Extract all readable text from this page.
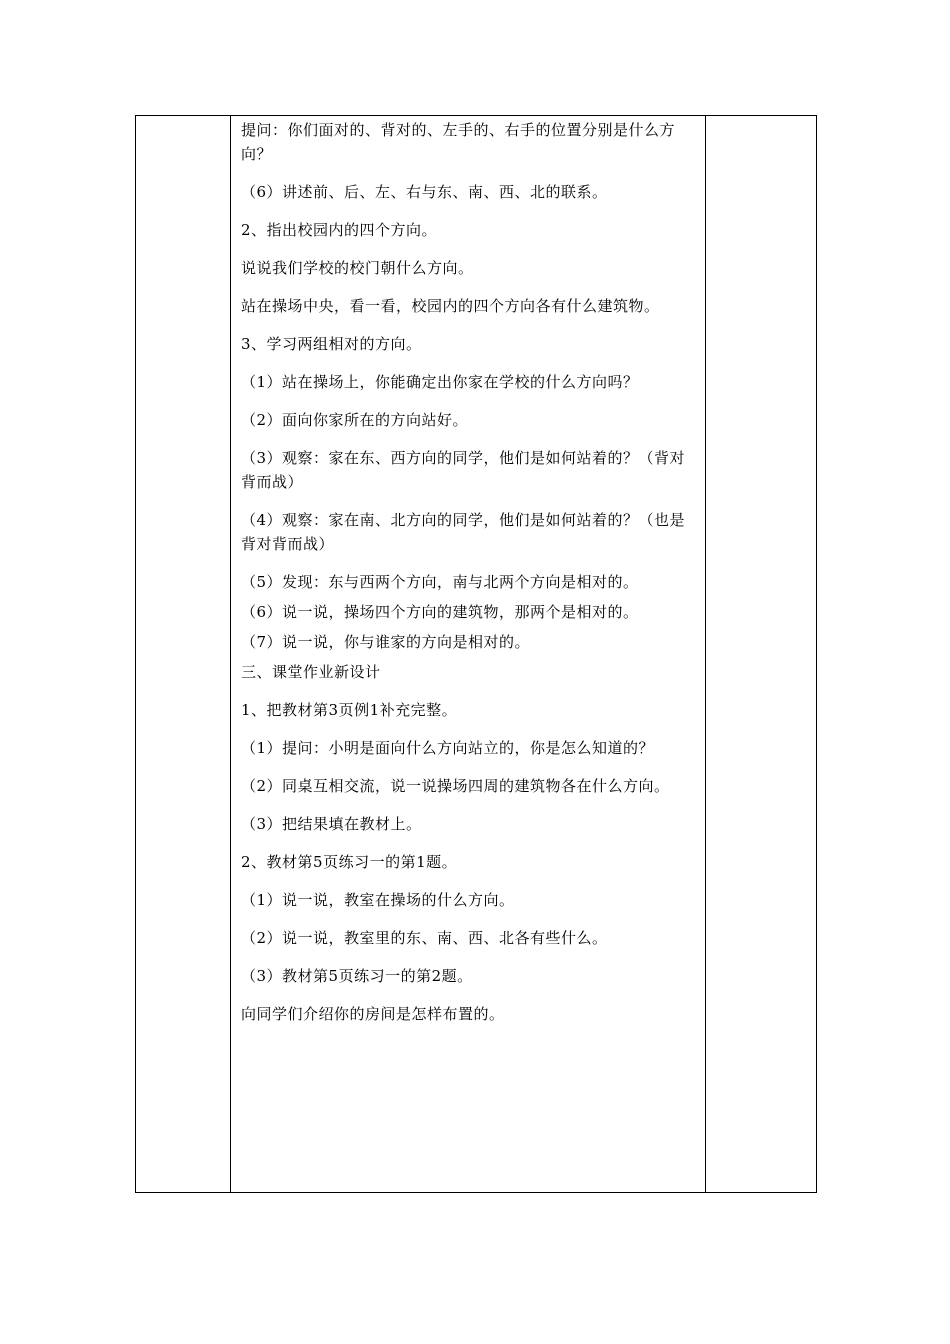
提问：你们面对的、背对的、左手的、右手的位置分别是什么方向？

（6）讲述前、后、左、右与东、南、西、北的联系。

2、指出校园内的四个方向。

说说我们学校的校门朝什么方向。

站在操场中央，看一看，校园内的四个方向各有什么建筑物。

3、学习两组相对的方向。

（1）站在操场上，你能确定出你家在学校的什么方向吗？

（2）面向你家所在的方向站好。

（3）观察：家在东、西方向的同学，他们是如何站着的？（背对背而战）

（4）观察：家在南、北方向的同学，他们是如何站着的？（也是背对背而战）

（5）发现：东与西两个方向，南与北两个方向是相对的。

（6）说一说，操场四个方向的建筑物，那两个是相对的。

（7）说一说，你与谁家的方向是相对的。

三、课堂作业新设计

1、把教材第3页例1补充完整。

（1）提问：小明是面向什么方向站立的，你是怎么知道的？

（2）同桌互相交流，说一说操场四周的建筑物各在什么方向。

（3）把结果填在教材上。

2、教材第5页练习一的第1题。

（1）说一说，教室在操场的什么方向。

（2）说一说，教室里的东、南、西、北各有些什么。

（3）教材第5页练习一的第2题。

向同学们介绍你的房间是怎样布置的。
